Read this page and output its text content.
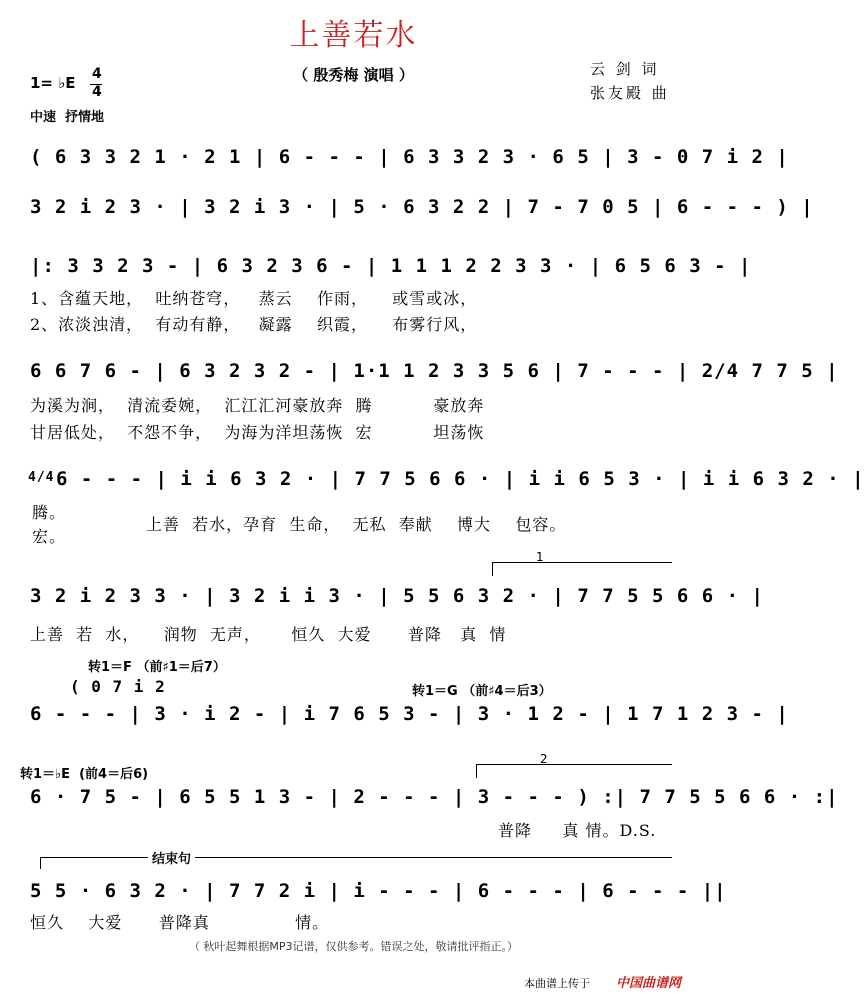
上善若水
（ 殷秀梅 演唱 ）	云 剑 词
张友殿 曲
1= ♭E 4
4
中速  抒情地
( 6 3 3 2 1 · 2 1 | 6 - - - | 6 3 3 2 3 · 6 5 | 3 - 0 7 i 2 |
3 2 i 2 3 · | 3 2 i 3 · | 5 · 6 3 2 2 | 7 - 7 0 5 | 6 - - - ) |
|: 3 3 2 3 - | 6 3 2 3 6 - | 1 1 1 2 2 3 3 · | 6 5 6 3 - |
1、含蕴天地，  吐纳苍穹，   蒸云    作雨，    或雪或冰，
2、浓淡浊清，  有动有静，   凝露    织霞，    布雾行风，
6 6 7 6 - | 6 3 2 3 2 - | 1·1 1 2 3 3 5 6 | 7 - - - | 2/4 7 7 5 |
为溪为涧，  清流委婉，  汇江汇河豪放奔  腾          豪放奔
甘居低处，  不怨不争，  为海为洋坦荡恢  宏          坦荡恢
4/4 6 - - - | i i 6 3 2 · | 7 7 5 6 6 · | i i 6 5 3 · | i i 6 3 2 · |
腾。
宏。
上善  若水，孕育  生命，  无私  奉献    博大    包容。
1
3 2 i 2 3 3 · | 3 2 i i 3 · | 5 5 6 3 2 · | 7 7 5 5 6 6 · |
上善  若  水，    润物  无声，     恒久  大爱      普降   真  情
转1＝F （前♯1＝后7）
转1＝G （前♯4＝后3）
( 0 7 i 2
6 - - - | 3 · i 2 - | i 7 6 5 3 - | 3 · 1 2 - | 1 7 1 2 3 - |
转1＝♭E  (前4＝后6)
2
6 · 7 5 - | 6 5 5 1 3 - | 2 - - - | 3 - - - ) :| 7 7 5 5 6 6 · :|
普降     真 情。D.S.
结束句
5 5 · 6 3 2 · | 7 7 2 i | i - - - | 6 - - - | 6 - - - ||
恒久    大爱      普降真              情。
（ 秋叶起舞根据MP3记谱，仅供参考。错误之处，敬请批评指正。）
本曲谱上传于 中国曲谱网
